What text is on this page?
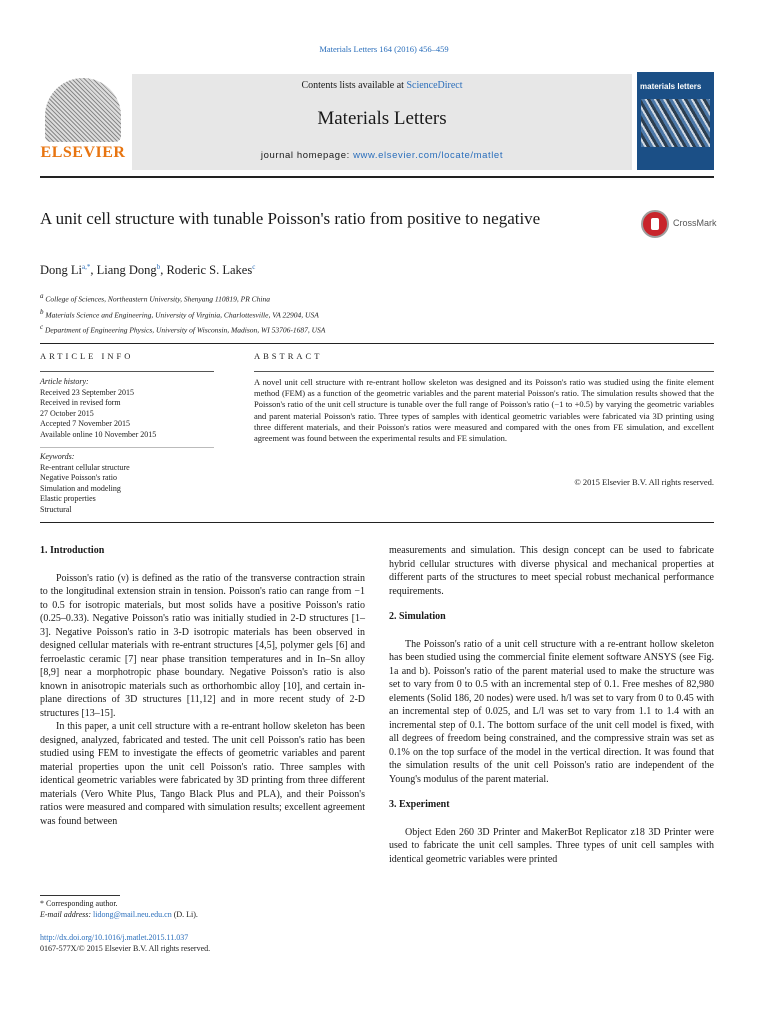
Materials Letters 164 (2016) 456–459
ELSEVIER
Contents lists available at ScienceDirect
Materials Letters
journal homepage: www.elsevier.com/locate/matlet
materials letters
A unit cell structure with tunable Poisson's ratio from positive to negative	CrossMark
Dong $Li^{a,*}$, Liang Dong$^b$, Roderic S. Lakes$^c$
$^a$ College of Sciences, Northeastern University, Shenyang 110819, PR China
$^b$ Materials Science and Engineering, University of Virginia, Charlottesville, VA 22904, USA
$^c$ Department of Engineering Physics, University of Wisconsin, Madison, WI 53706-1687, USA
ARTICLE INFO
Article history:
Received 23 September 2015
Received in revised form
27 October 2015
Accepted 7 November 2015
Available online 10 November 2015
Keywords:
Re-entrant cellular structure
Negative Poisson's ratio
Simulation and modeling
Elastic properties
Structural
ABSTRACT
A novel unit cell structure with re-entrant hollow skeleton was designed and its Poisson's ratio was studied using the finite element method (FEM) as a function of the geometric variables and the parent material Poisson's ratio. The simulation results showed that the Poisson's ratio of the unit cell structure is tunable over the full range of Poisson's ratio (−1 to +0.5) by varying the geometric variables and parent material Poisson's ratio. Three types of samples with identical geometric variables were fabricated via 3D printing using three different materials, and their Poisson's ratios were measured and compared with the ones from FE simulation, and excellent agreement was found between the experimental results and FE simulation.
© 2015 Elsevier B.V. All rights reserved.
1. Introduction

Poisson's ratio (ν) is defined as the ratio of the transverse contraction strain to the longitudinal extension strain in tension. Poisson's ratio can range from −1 to 0.5 for isotropic materials, but most solids have a positive Poisson's ratio (0.25–0.33). Negative Poisson's ratio was initially studied in 2-D structures [1–3]. Negative Poisson's ratio in 3-D isotropic materials has been observed in designed cellular materials with re-entrant structures [4,5], polymer gels [6] and ferroelastic ceramic [7] near phase transition temperatures and in In–Sn alloy [8,9] near a morphotropic phase boundary. Negative Poisson's ratio is also known in anisotropic materials such as orthorhombic alloy [10], and certain in-plane directions of 3D structures [11,12] and in more recent study of 2-D structures [13–15].

In this paper, a unit cell structure with a re-entrant hollow skeleton has been designed, analyzed, fabricated and tested. The unit cell Poisson's ratio has been studied using FEM to investigate the effects of geometric variables and parent material properties upon the unit cell Poisson's ratio. Three samples with identical geometric variables were fabricated by 3D printing from three different materials (Vero White Plus, Tango Black Plus and PLA), and their Poisson's ratios were measured and compared with simulation results; excellent agreement was found between

measurements and simulation. This design concept can be used to fabricate hybrid cellular structures with diverse physical and mechanical properties at different parts of the structures to meet special robust mechanical performance requirements.

2. Simulation

The Poisson's ratio of a unit cell structure with a re-entrant hollow skeleton has been studied using the commercial finite element software ANSYS (see Fig. 1a and b). Poisson's ratio of the parent material used to make the structure was set to vary from 0 to 0.5 with an incremental step of 0.1. Free meshes of 82,980 elements (Solid 186, 20 nodes) were used. h/l was set to vary from 0 to 0.45 with an incremental step of 0.025, and L/l was set to vary from 1.1 to 1.4 with an incremental step of 0.1. The bottom surface of the unit cell model is fixed, with all degrees of freedom being constrained, and the compressive strain was set as 0.1% on the top surface of the model in the vertical direction. It was found that the simulation results of the unit cell Poisson's ratio are independent of the Young's modulus of the parent material.

3. Experiment

Object Eden 260 3D Printer and MakerBot Replicator z18 3D Printer were used to fabricate the unit cell samples. Three types of unit cell samples with identical geometric variables were printed

* Corresponding author.
E-mail address: lidong@mail.neu.edu.cn (D. Li).
http://dx.doi.org/10.1016/j.matlet.2015.11.037
0167-577X/© 2015 Elsevier B.V. All rights reserved.
